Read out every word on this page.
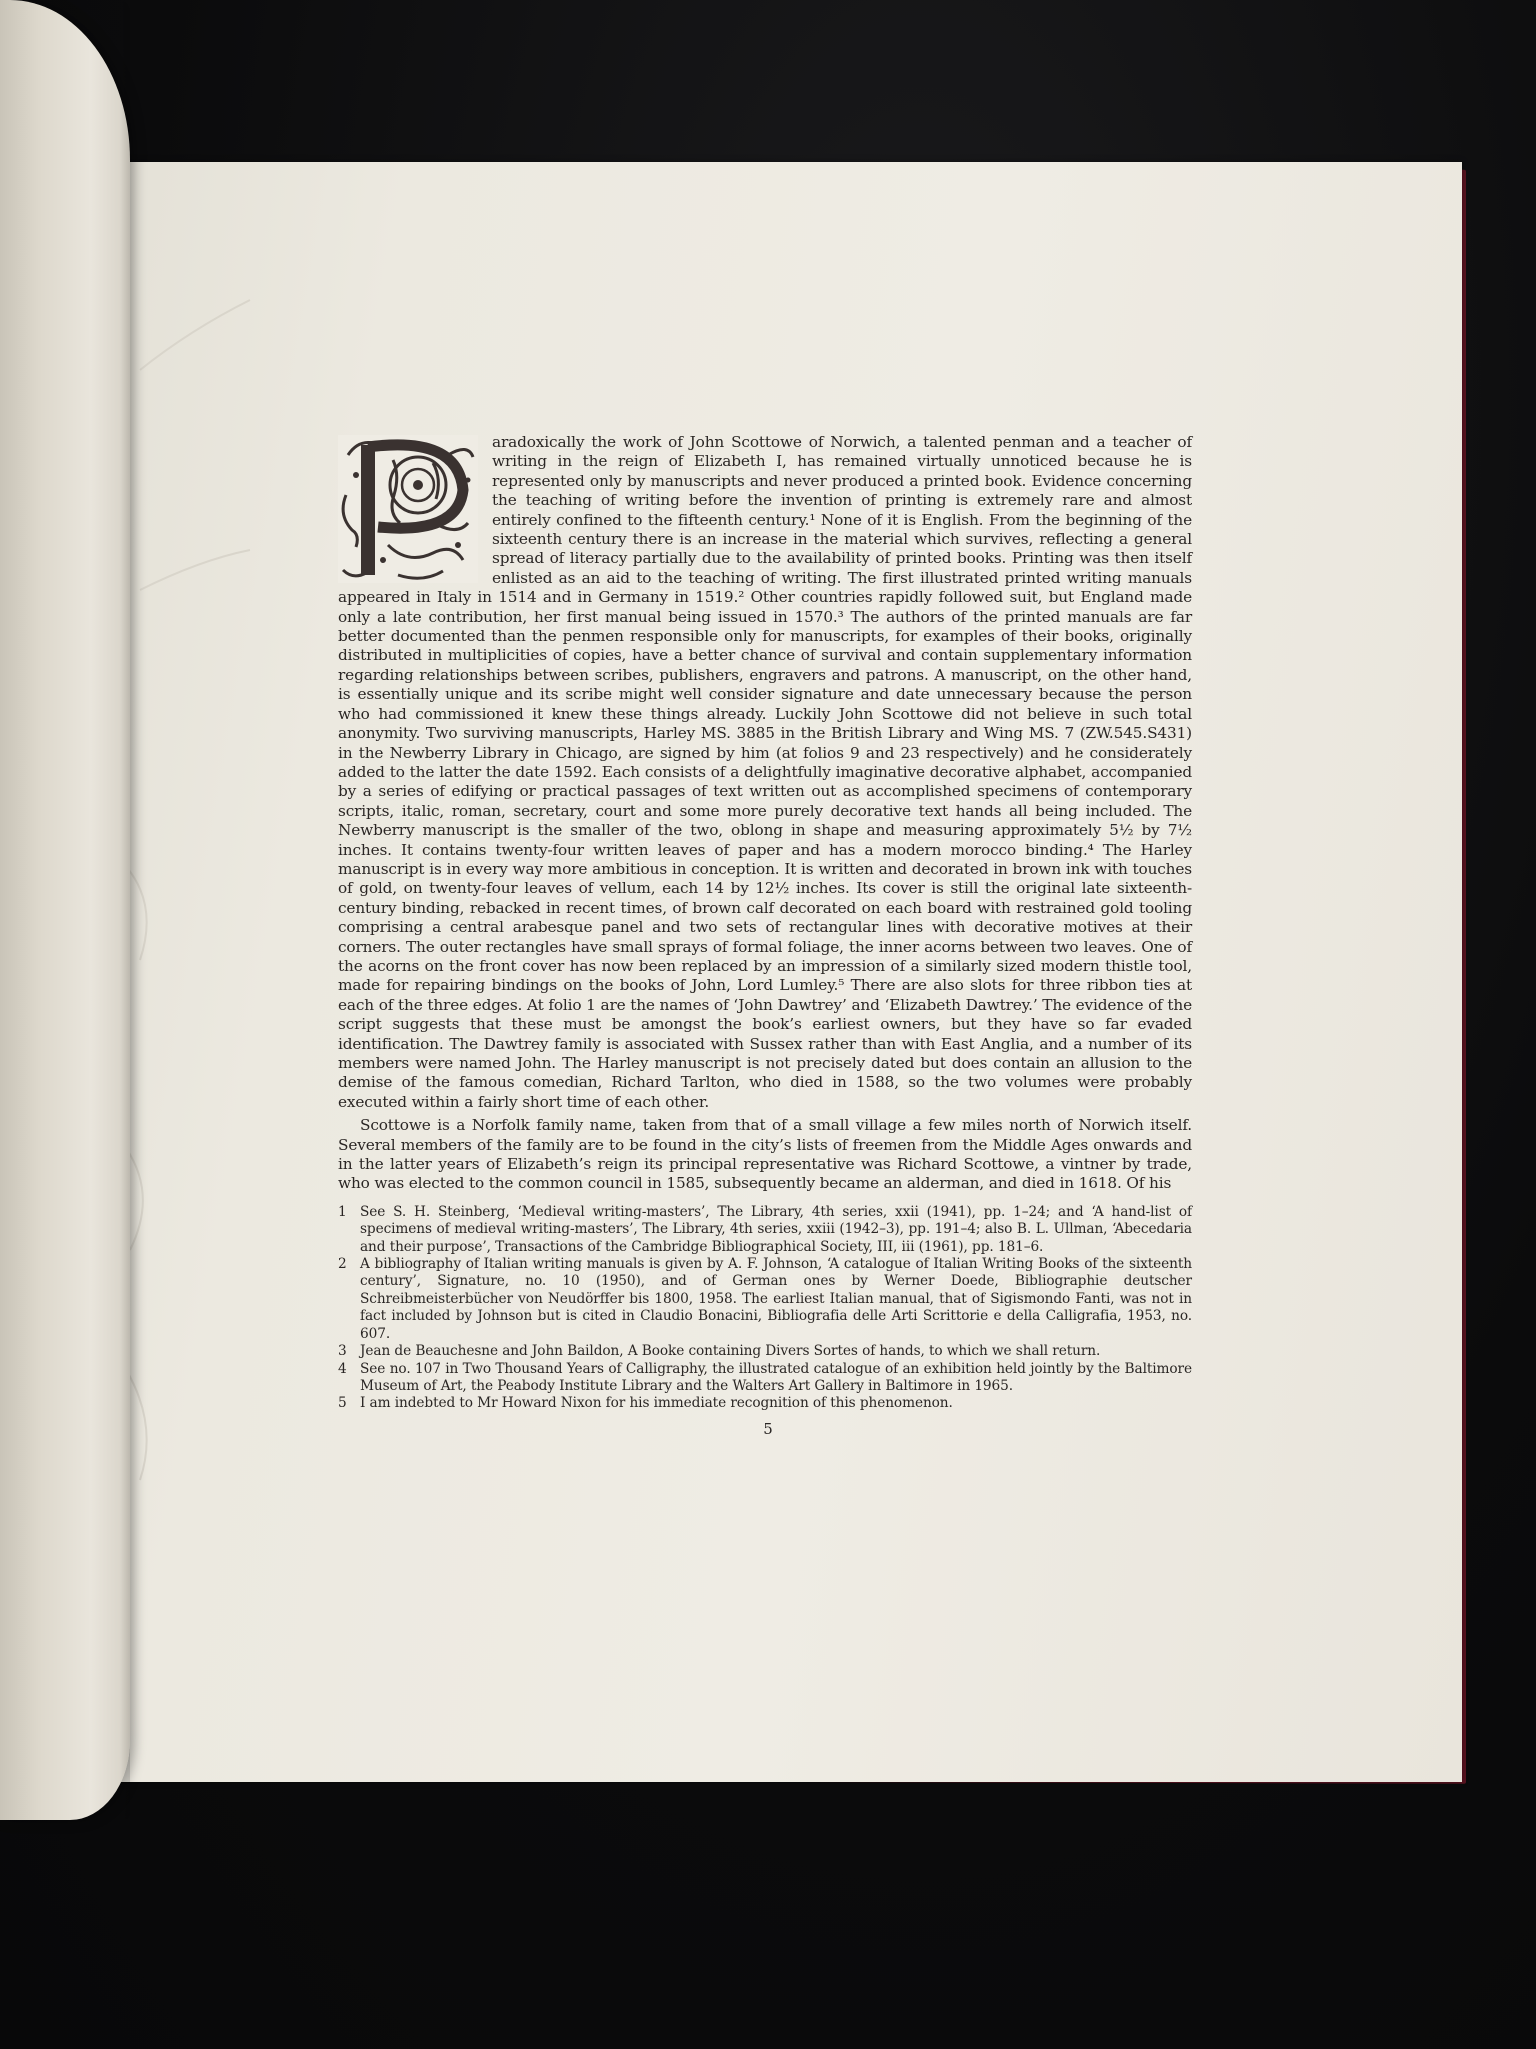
aradoxically the work of John Scottowe of Norwich, a talented penman and a teacher of writing in the reign of Elizabeth I, has remained virtually unnoticed because he is represented only by manuscripts and never produced a printed book. Evidence concerning the teaching of writing before the invention of printing is extremely rare and almost entirely confined to the fifteenth century.¹ None of it is English. From the beginning of the sixteenth century there is an increase in the material which survives, reflecting a general spread of literacy partially due to the availability of printed books. Printing was then itself enlisted as an aid to the teaching of writing. The first illustrated printed writing manuals appeared in Italy in 1514 and in Germany in 1519.² Other countries rapidly followed suit, but England made only a late contribution, her first manual being issued in 1570.³ The authors of the printed manuals are far better documented than the penmen responsible only for manuscripts, for examples of their books, originally distributed in multiplicities of copies, have a better chance of survival and contain supplementary information regarding relationships between scribes, publishers, engravers and patrons. A manuscript, on the other hand, is essentially unique and its scribe might well consider signature and date unnecessary because the person who had commissioned it knew these things already. Luckily John Scottowe did not believe in such total anonymity. Two surviving manuscripts, Harley MS. 3885 in the British Library and Wing MS. 7 (ZW.545.S431) in the Newberry Library in Chicago, are signed by him (at folios 9 and 23 respectively) and he considerately added to the latter the date 1592. Each consists of a delightfully imaginative decorative alphabet, accompanied by a series of edifying or practical passages of text written out as accomplished specimens of contemporary scripts, italic, roman, secretary, court and some more purely decorative text hands all being included. The Newberry manuscript is the smaller of the two, oblong in shape and measuring approximately 5½ by 7½ inches. It contains twenty-four written leaves of paper and has a modern morocco binding.⁴ The Harley manuscript is in every way more ambitious in conception. It is written and decorated in brown ink with touches of gold, on twenty-four leaves of vellum, each 14 by 12½ inches. Its cover is still the original late sixteenth-century binding, rebacked in recent times, of brown calf decorated on each board with restrained gold tooling comprising a central arabesque panel and two sets of rectangular lines with decorative motives at their corners. The outer rectangles have small sprays of formal foliage, the inner acorns between two leaves. One of the acorns on the front cover has now been replaced by an impression of a similarly sized modern thistle tool, made for repairing bindings on the books of John, Lord Lumley.⁵ There are also slots for three ribbon ties at each of the three edges. At folio 1 are the names of ‘John Dawtrey’ and ‘Elizabeth Dawtrey.’ The evidence of the script suggests that these must be amongst the book’s earliest owners, but they have so far evaded identification. The Dawtrey family is associated with Sussex rather than with East Anglia, and a number of its members were named John. The Harley manuscript is not precisely dated but does contain an allusion to the demise of the famous comedian, Richard Tarlton, who died in 1588, so the two volumes were probably executed within a fairly short time of each other.

Scottowe is a Norfolk family name, taken from that of a small village a few miles north of Norwich itself. Several members of the family are to be found in the city’s lists of freemen from the Middle Ages onwards and in the latter years of Elizabeth’s reign its principal representative was Richard Scottowe, a vintner by trade, who was elected to the common council in 1585, subsequently became an alderman, and died in 1618. Of his

1 See S. H. Steinberg, ‘Medieval writing-masters’, The Library, 4th series, xxii (1941), pp. 1–24; and ‘A hand-list of specimens of medieval writing-masters’, The Library, 4th series, xxiii (1942–3), pp. 191–4; also B. L. Ullman, ‘Abecedaria and their purpose’, Transactions of the Cambridge Bibliographical Society, III, iii (1961), pp. 181–6.
2 A bibliography of Italian writing manuals is given by A. F. Johnson, ‘A catalogue of Italian Writing Books of the sixteenth century’, Signature, no. 10 (1950), and of German ones by Werner Doede, Bibliographie deutscher Schreibmeisterbücher von Neudörffer bis 1800, 1958. The earliest Italian manual, that of Sigismondo Fanti, was not in fact included by Johnson but is cited in Claudio Bonacini, Bibliografia delle Arti Scrittorie e della Calligrafia, 1953, no. 607.
3 Jean de Beauchesne and John Baildon, A Booke containing Divers Sortes of hands, to which we shall return.
4 See no. 107 in Two Thousand Years of Calligraphy, the illustrated catalogue of an exhibition held jointly by the Baltimore Museum of Art, the Peabody Institute Library and the Walters Art Gallery in Baltimore in 1965.
5 I am indebted to Mr Howard Nixon for his immediate recognition of this phenomenon.
5
